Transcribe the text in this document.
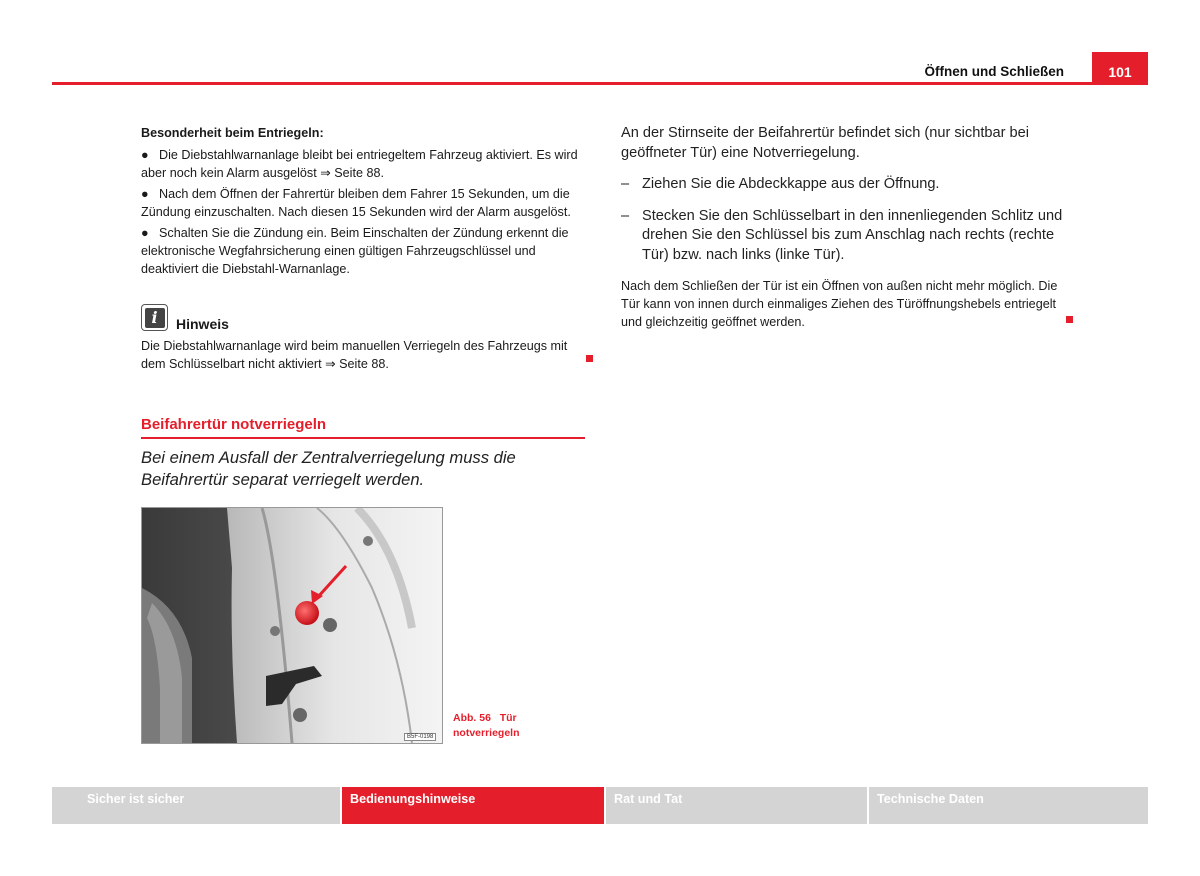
Öffnen und Schließen	101
Besonderheit beim Entriegeln:
● Die Diebstahlwarnanlage bleibt bei entriegeltem Fahrzeug aktiviert. Es wird aber noch kein Alarm ausgelöst ⇒ Seite 88.
● Nach dem Öffnen der Fahrertür bleiben dem Fahrer 15 Sekunden, um die Zündung einzuschalten. Nach diesen 15 Sekunden wird der Alarm ausgelöst.
● Schalten Sie die Zündung ein. Beim Einschalten der Zündung erkennt die elektronische Wegfahrsicherung einen gültigen Fahrzeugschlüssel und deaktiviert die Diebstahl-Warnanlage.
i	Hinweis
Die Diebstahlwarnanlage wird beim manuellen Verriegeln des Fahrzeugs mit dem Schlüsselbart nicht aktiviert ⇒ Seite 88.
Beifahrertür notverriegeln
Bei einem Ausfall der Zentralverriegelung muss die Beifahrertür separat verriegelt werden.
B5F-0198
Abb. 56 Tür notverriegeln
An der Stirnseite der Beifahrertür befindet sich (nur sichtbar bei geöffneter Tür) eine Notverriegelung.
– Ziehen Sie die Abdeckkappe aus der Öffnung.
– Stecken Sie den Schlüsselbart in den innenliegenden Schlitz und drehen Sie den Schlüssel bis zum Anschlag nach rechts (rechte Tür) bzw. nach links (linke Tür).
Nach dem Schließen der Tür ist ein Öffnen von außen nicht mehr möglich. Die Tür kann von innen durch einmaliges Ziehen des Türöffnungshebels entriegelt und gleichzeitig geöffnet werden.
Sicher ist sicher	Bedienungshinweise	Rat und Tat	Technische Daten
